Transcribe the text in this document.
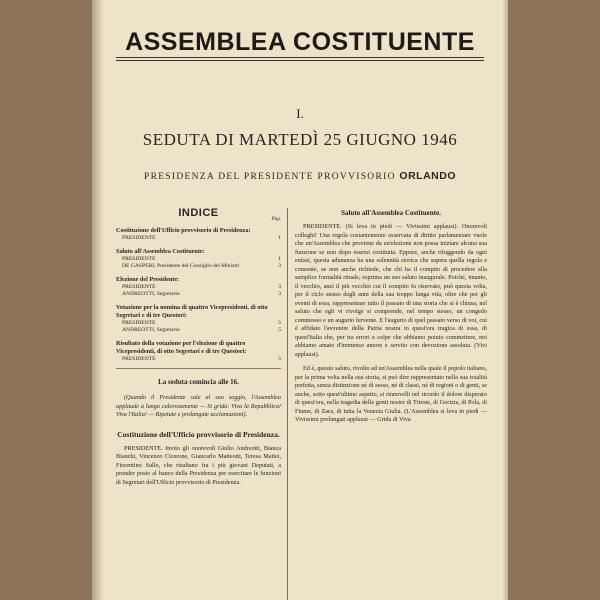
ASSEMBLEA COSTITUENTE
I.
SEDUTA DI MARTEDÌ 25 GIUGNO 1946
PRESIDENZA DEL PRESIDENTE PROVVISORIO ORLANDO
INDICE
Pag.
Costituzione dell'Ufficio provvisorio di Presidenza:
PRESIDENTE	1
Saluto all'Assemblea Costituente:
PRESIDENTE	1
DE GASPERI, Presidente del Consiglio dei Ministri	3
Elezione del Presidente:
PRESIDENTE	3
ANDREOTTI, Segretario	3
Votazione per la nomina di quattro Vicepresidenti, di otto Segretari e di tre Questori:
PRESIDENTE	5
ANDREOTTI, Segretario	5
Risultato della votazione per l'elezione di quattro Vicepresidenti, di otto Segretari e di tre Questori:
PRESIDENTE	5
La seduta comincia alle 16.
(Quando il Presidente sale al suo seggio, l'Assemblea applaude a lungo calorosamente — Si grida: Viva la Repubblica! Viva l'Italia! — Ripetute e prolungate acclamazioni).
Costituzione dell'Ufficio provvisorio di Presidenza.
PRESIDENTE. Invito gli onorevoli Giulio Andreotti, Bianca Bianchi, Vincenzo Cicerone, Giancarlo Matteotti, Teresa Mattei, Fiorentino Sullo, che risultano fra i più giovani Deputati, a prender posto al banco della Presidenza per esercitare le funzioni di Segretari dell'Ufficio provvisorio di Presidenza.
Saluto all'Assemblea Costituente.
PRESIDENTE. (Si leva in piedi — Vivissimi applausi). Onorevoli colleghi! Una regola costantemente osservata di diritto parlamentare vuole che un'Assemblea che proviene da un'elezione non possa iniziare alcuna sua funzione se non dopo essersi costituita. Eppure, anche rifuggendo da ogni enfasi, questa adunanza ha una solennità storica che supera quella regola e consente, se non anche richiede, che chi ha il compito di procedere alla semplice formalità rituale, esprima un suo saluto inaugurale. Poiché, intanto, il vecchio, anzi il più vecchio cui il compito fu riservato, può questa volta, per il ciclo stesso degli anni della sua troppo lunga vita, oltre che per gli eventi di essa, rappresentare tutto il passato di una storia che si è chiusa, nel saluto che egli vi rivolge si comprende, nel tempo stesso, un congedo commosso e un augurio fervente. E l'augurio di quel passato verso di voi, cui è affidato l'avvenire della Patria nostra in quest'ora tragica di essa, di quest'Italia che, per tra errori e colpe che abbiamo potuto commettere, noi abbiamo amato d'immenso amore e servito con devozione assoluta. (Vivi applausi).
Ed è, questo saluto, rivolto ad un'Assemblea nella quale il popolo italiano, per la prima volta nella sua storia, si può dire rappresentato nella sua totalità perfetta, senza distinzione né di sesso, né di classi, né di regioni o di genti, se anche, sotto quest'ultimo aspetto, si rinnovelli nel ricordo il dolore disperato di quest'ora, nella tragedia delle genti nostre di Trieste, di Gorizia, di Pola, di Fiume, di Zara, di tutta la Venezia Giulia. (L'Assemblea si leva in piedi — Vivissimi prolungati applausi — Grida di Viva
